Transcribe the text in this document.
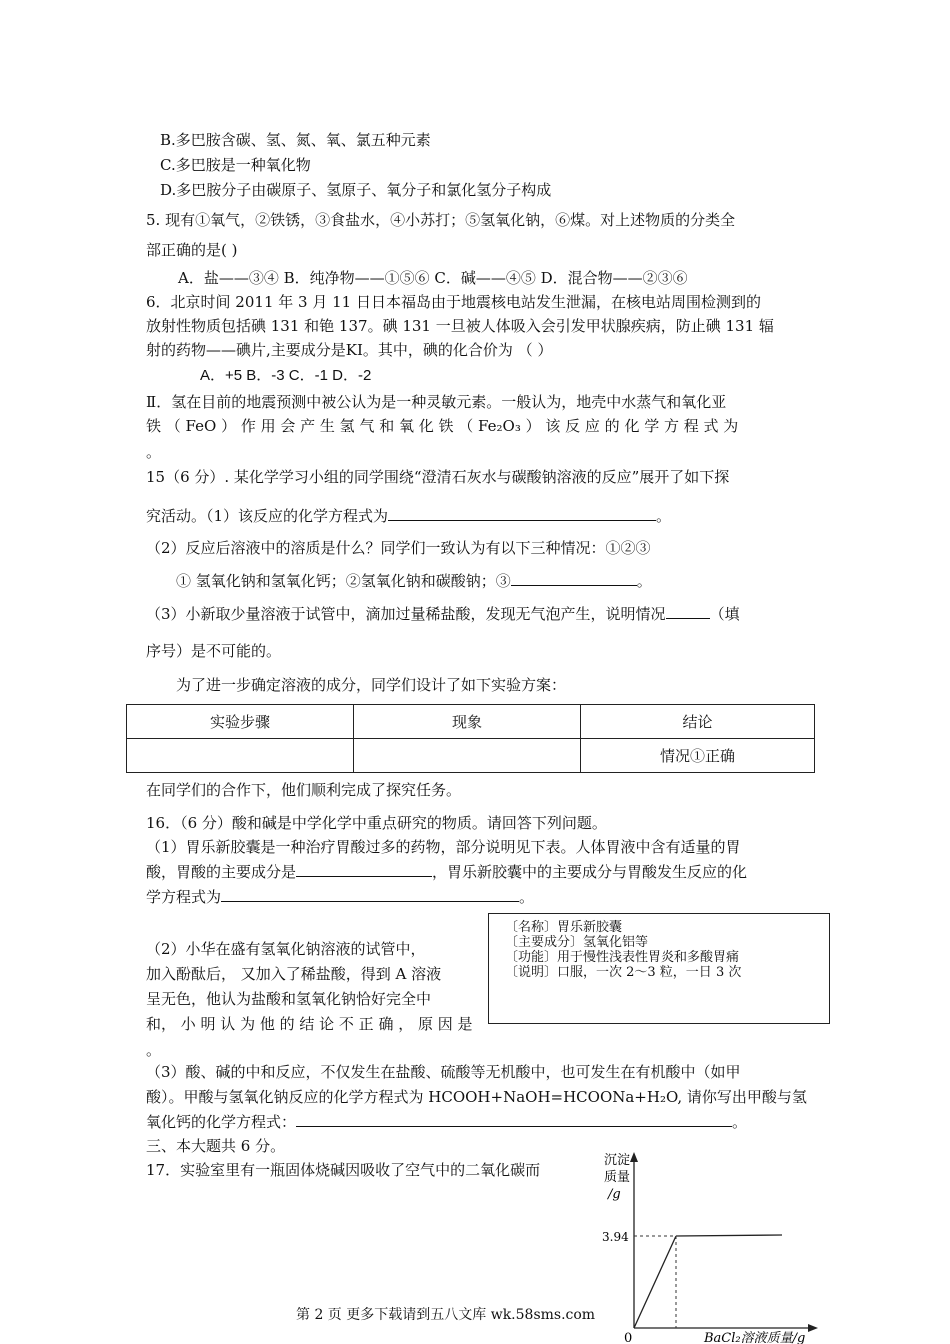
B.多巴胺含碳、氢、氮、氧、氯五种元素
C.多巴胺是一种氧化物
D.多巴胺分子由碳原子、氢原子、氧分子和氯化氢分子构成
5. 现有①氧气，②铁锈，③食盐水，④小苏打；⑤氢氧化钠，⑥煤。对上述物质的分类全
部正确的是( )
A．盐——③④ B．纯净物——①⑤⑥ C．碱——④⑤ D．混合物——②③⑥
6．北京时间 2011 年 3 月 11 日日本福岛由于地震核电站发生泄漏，在核电站周围检测到的
放射性物质包括碘 131 和铯 137。碘 131 一旦被人体吸入会引发甲状腺疾病，防止碘 131 辐
射的药物——碘片,主要成分是KI。其中，碘的化合价为 （ ）
A．+5 B．-3 C．-1 D．-2
Ⅱ．氢在目前的地震预测中被公认为是一种灵敏元素。一般认为，地壳中水蒸气和氧化亚
铁 （ FeO ） 作 用 会 产 生 氢 气 和 氧 化 铁 （ Fe₂O₃ ） 该 反 应 的 化 学 方 程 式 为
。
15（6 分）. 某化学学习小组的同学围绕“澄清石灰水与碳酸钠溶液的反应”展开了如下探
究活动。（1）该反应的化学方程式为	。
（2）反应后溶液中的溶质是什么？同学们一致认为有以下三种情况：①②③
① 氢氧化钠和氢氧化钙；②氢氧化钠和碳酸钠；③	。
（3）小新取少量溶液于试管中，滴加过量稀盐酸，发现无气泡产生，说明情况	（填
序号）是不可能的。
为了进一步确定溶液的成分，同学们设计了如下实验方案：
实验步骤	现象	结论
		情况①正确
在同学们的合作下，他们顺利完成了探究任务。
16．（6 分）酸和碱是中学化学中重点研究的物质。请回答下列问题。
（1）胃乐新胶囊是一种治疗胃酸过多的药物，部分说明见下表。人体胃液中含有适量的胃
酸，胃酸的主要成分是	，胃乐新胶囊中的主要成分与胃酸发生反应的化
学方程式为	。
〔名称〕胃乐新胶囊
〔主要成分〕氢氧化铝等
〔功能〕用于慢性浅表性胃炎和多酸胃痛
〔说明〕口服，一次 2～3 粒，一日 3 次
（2）小华在盛有氢氧化钠溶液的试管中，
加入酚酞后， 又加入了稀盐酸，得到 A 溶液
呈无色，他认为盐酸和氢氧化钠恰好完全中
和， 小 明 认 为 他 的 结 论 不 正 确 ， 原 因 是
。
（3）酸、碱的中和反应，不仅发生在盐酸、硫酸等无机酸中，也可发生在有机酸中（如甲
酸）。甲酸与氢氧化钠反应的化学方程式为 HCOOH+NaOH=HCOONa+H₂O, 请你写出甲酸与氢
氧化钙的化学方程式：	。
三、本大题共 6 分。
17．实验室里有一瓶固体烧碱因吸收了空气中的二氧化碳而
沉淀
质量
/g
3.94
0	BaCl₂溶液质量/g
第 2 页 更多下载请到五八文库 wk.58sms.com
